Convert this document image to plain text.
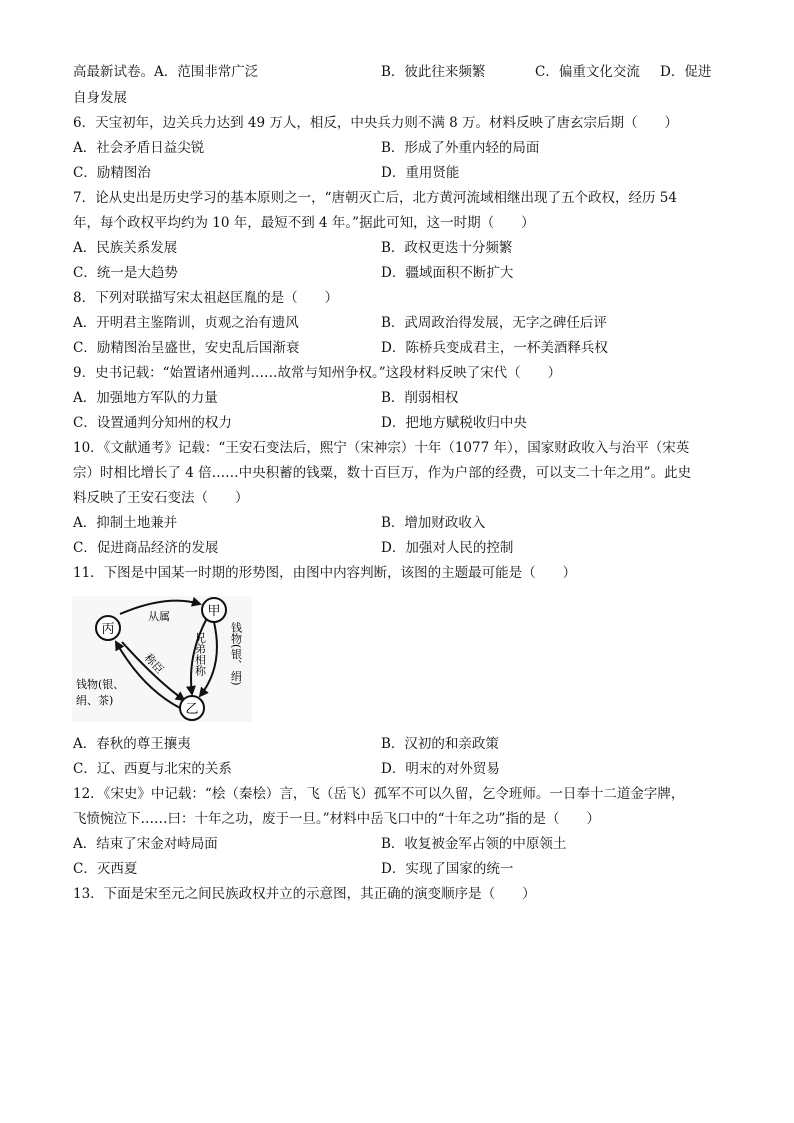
高最新试卷。A．范围非常广泛	B．彼此往来频繁	C．偏重文化交流 D．促进
自身发展
6．天宝初年，边关兵力达到 49 万人，相反，中央兵力则不满 8 万。材料反映了唐玄宗后期（　　）
A．社会矛盾日益尖锐	B．形成了外重内轻的局面
C．励精图治	D．重用贤能
7．论从史出是历史学习的基本原则之一，“唐朝灭亡后，北方黄河流域相继出现了五个政权，经历 54
年，每个政权平均约为 10 年，最短不到 4 年。”据此可知，这一时期（　　）
A．民族关系发展	B．政权更迭十分频繁
C．统一是大趋势	D．疆域面积不断扩大
8．下列对联描写宋太祖赵匡胤的是（　　）
A．开明君主鉴隋训，贞观之治有遗风	B．武周政治得发展，无字之碑任后评
C．励精图治呈盛世，安史乱后国渐衰	D．陈桥兵变成君主，一杯美酒释兵权
9．史书记载：“始置诸州通判……故常与知州争权。”这段材料反映了宋代（　　）
A．加强地方军队的力量	B．削弱相权
C．设置通判分知州的权力	D．把地方赋税收归中央
10．《文献通考》记载：“王安石变法后，熙宁（宋神宗）十年（1077 年），国家财政收入与治平（宋英
宗）时相比增长了 4 倍……中央积蓄的钱粟，数十百巨万，作为户部的经费，可以支二十年之用”。此史
料反映了王安石变法（　　）
A．抑制土地兼并	B．增加财政收入
C．促进商品经济的发展	D．加强对人民的控制
11．下图是中国某一时期的形势图，由图中内容判断，该图的主题最可能是（　　）
丙
甲
乙
从属
兄弟相称 钱物(银、绢)
称臣
钱物(银、
绢、茶)
A．春秋的尊王攘夷	B．汉初的和亲政策
C．辽、西夏与北宋的关系	D．明末的对外贸易
12．《宋史》中记载：“桧（秦桧）言，飞（岳飞）孤军不可以久留，乞令班师。一日奉十二道金字牌，
飞愤惋泣下……曰：十年之功，废于一旦。”材料中岳飞口中的“十年之功”指的是（　　）
A．结束了宋金对峙局面	B．收复被金军占领的中原领土
C．灭西夏	D．实现了国家的统一
13．下面是宋至元之间民族政权并立的示意图，其正确的演变顺序是（　　）
